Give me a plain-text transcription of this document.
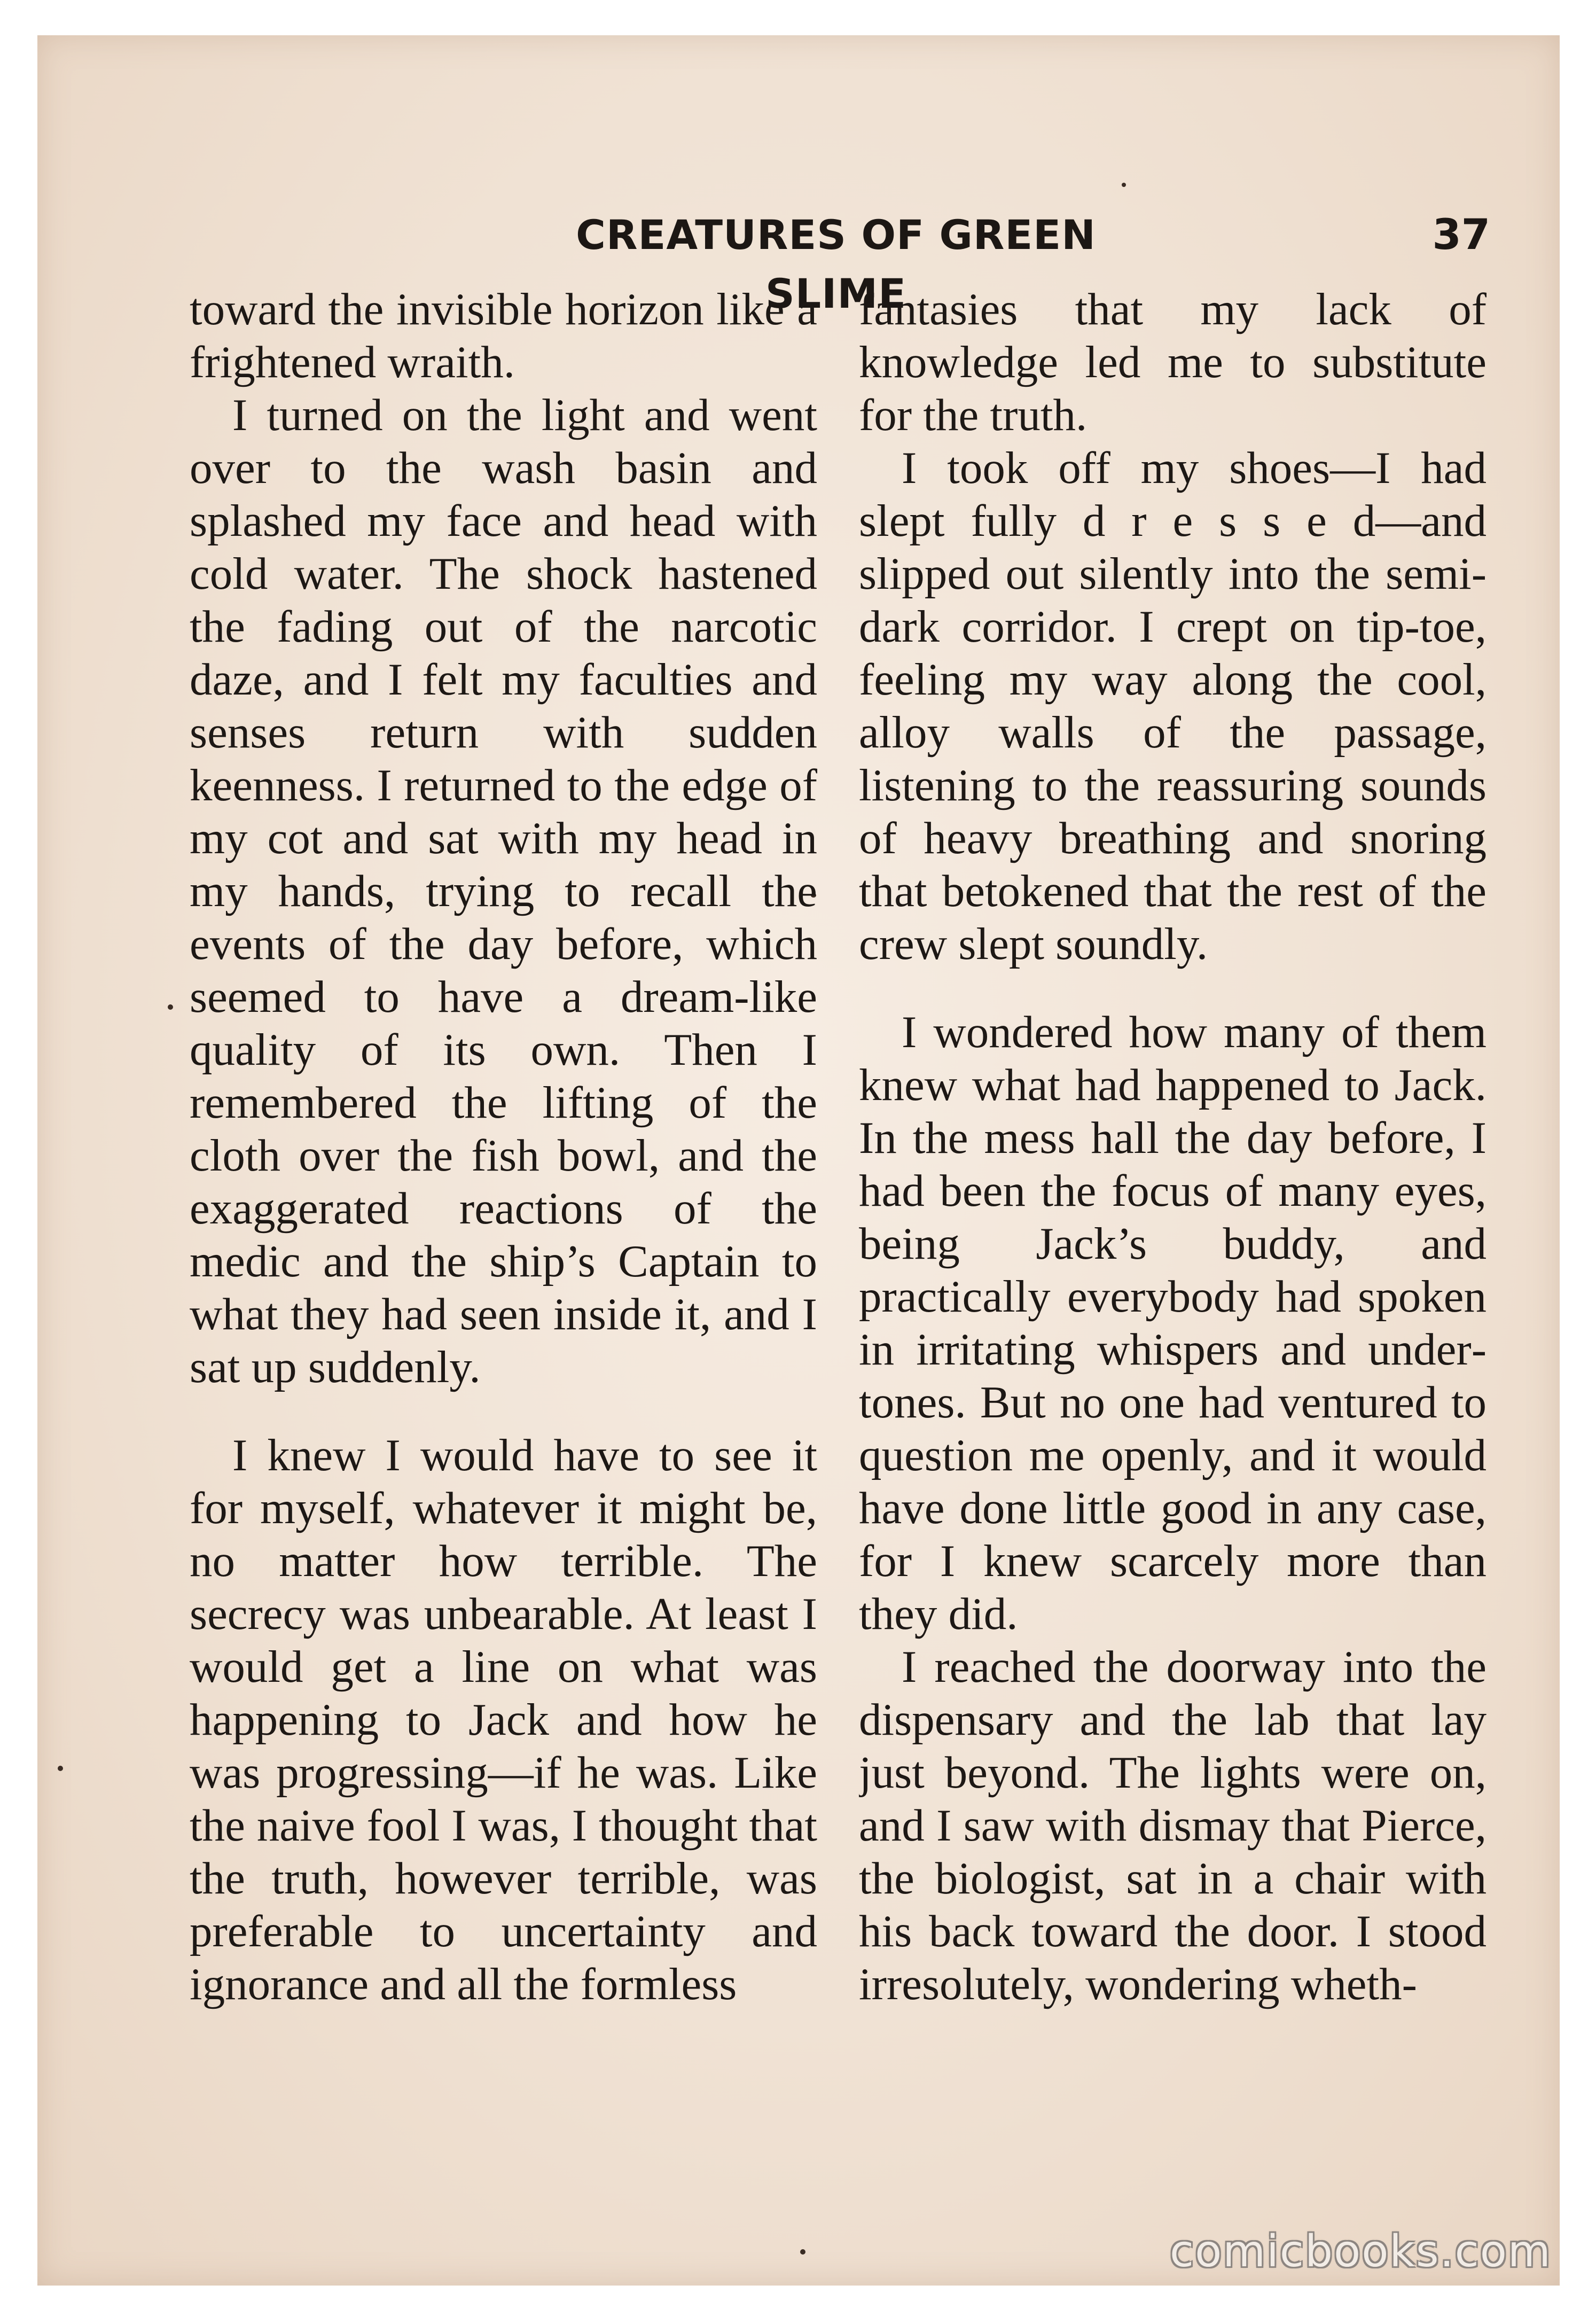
CREATURES OF GREEN SLIME
37

toward the invisible horizon like a frightened wraith.

I turned on the light and went over to the wash basin and splashed my face and head with cold water. The shock hastened the fading out of the narcotic daze, and I felt my faculties and senses return with sudden keenness. I returned to the edge of my cot and sat with my head in my hands, trying to recall the events of the day before, which seemed to have a dream-like quality of its own. Then I remembered the lifting of the cloth over the fish bowl, and the exaggerated reactions of the medic and the ship’s Captain to what they had seen inside it, and I sat up suddenly.

I knew I would have to see it for myself, whatever it might be, no matter how terrible. The secrecy was unbearable. At least I would get a line on what was happening to Jack and how he was progressing—if he was. Like the naive fool I was, I thought that the truth, however terrible, was preferable to uncertainty and ignorance and all the formless

fantasies that my lack of knowledge led me to substitute for the truth.

I took off my shoes—I had slept fully d r e s s e d—and slipped out silently into the semi-dark corridor. I crept on tip-toe, feeling my way along the cool, alloy walls of the passage, listening to the reassuring sounds of heavy breathing and snoring that betokened that the rest of the crew slept soundly.

I wondered how many of them knew what had happened to Jack. In the mess hall the day before, I had been the focus of many eyes, being Jack’s buddy, and practically everybody had spoken in irritating whispers and undertones. But no one had ventured to question me openly, and it would have done little good in any case, for I knew scarcely more than they did.

I reached the doorway into the dispensary and the lab that lay just beyond. The lights were on, and I saw with dismay that Pierce, the biologist, sat in a chair with his back toward the door. I stood irresolutely, wondering wheth-

comicbooks.com
